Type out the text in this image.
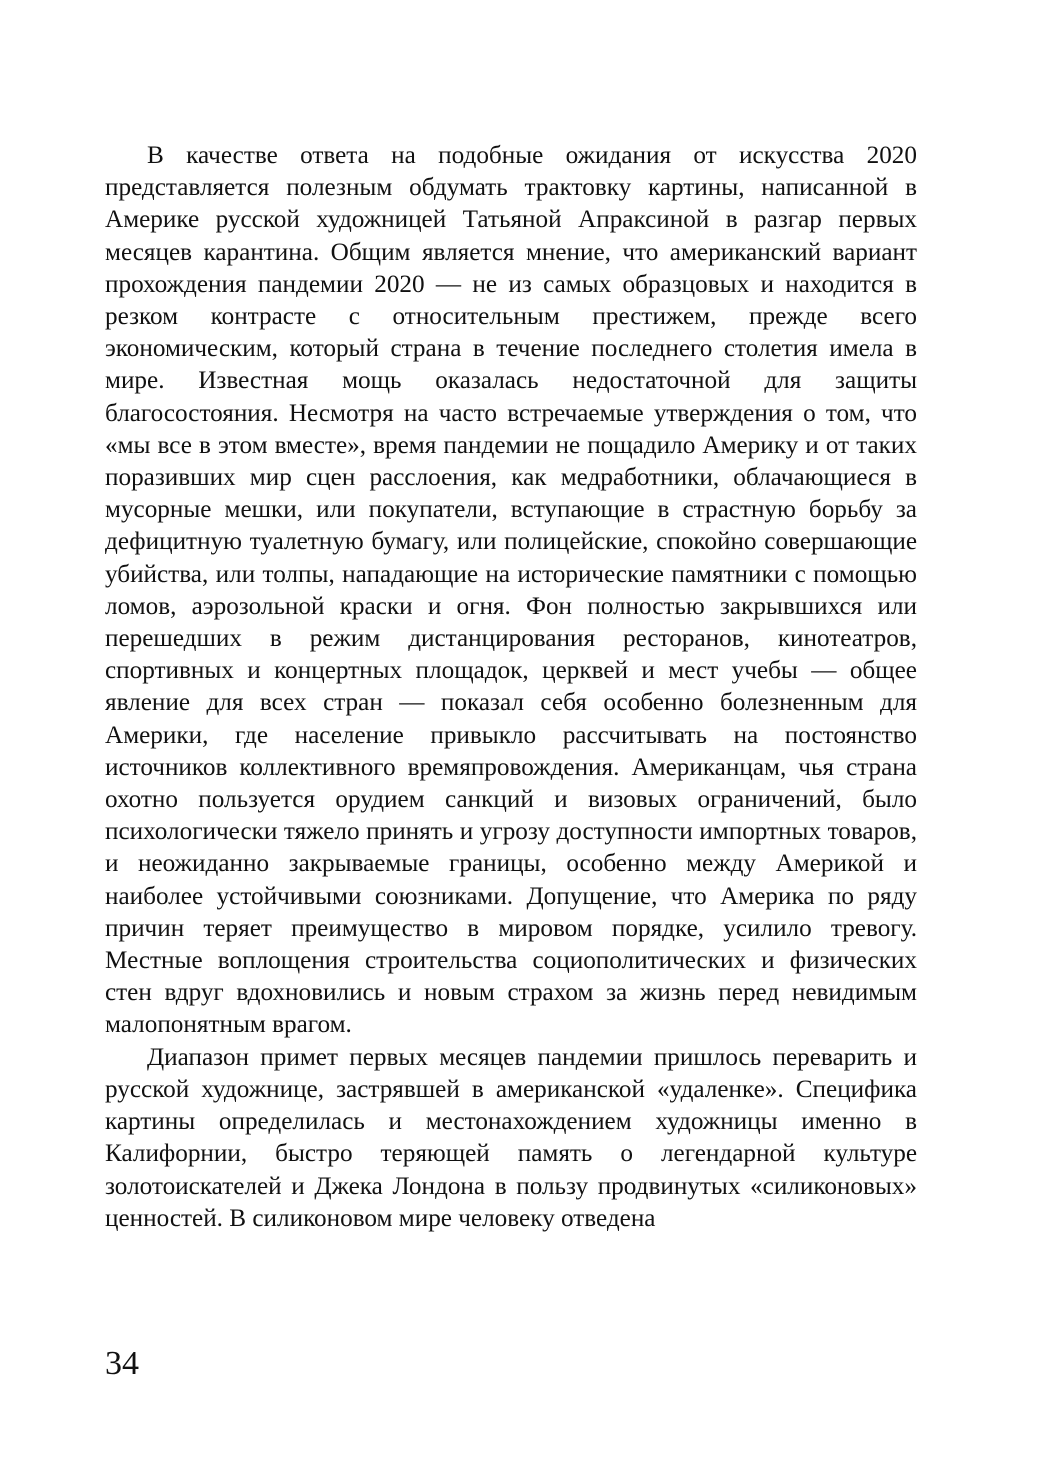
В качестве ответа на подобные ожидания от искусства 2020 представляется полезным обдумать трактовку картины, написанной в Америке русской художницей Татьяной Апраксиной в разгар первых месяцев карантина. Общим является мнение, что американский вариант прохождения пандемии 2020 — не из самых образцовых и находится в резком контрасте с относительным престижем, прежде всего экономическим, который страна в течение последнего столетия имела в мире. Известная мощь оказалась недостаточной для защиты благосостояния. Несмотря на часто встречаемые утверждения о том, что «мы все в этом вместе», время пандемии не пощадило Америку и от таких поразивших мир сцен расслоения, как медработники, облачающиеся в мусорные мешки, или покупатели, вступающие в страстную борьбу за дефицитную туалетную бумагу, или полицейские, спокойно совершающие убийства, или толпы, нападающие на исторические памятники с помощью ломов, аэрозольной краски и огня. Фон полностью закрывшихся или перешедших в режим дистанцирования ресторанов, кинотеатров, спортивных и концертных площадок, церквей и мест учебы — общее явление для всех стран — показал себя особенно болезненным для Америки, где население привыкло рассчитывать на постоянство источников коллективного времяпровождения. Американцам, чья страна охотно пользуется орудием санкций и визовых ограничений, было психологически тяжело принять и угрозу доступности импортных товаров, и неожиданно закрываемые границы, особенно между Америкой и наиболее устойчивыми союзниками. Допущение, что Америка по ряду причин теряет преимущество в мировом порядке, усилило тревогу. Местные воплощения строительства социополитических и физических стен вдруг вдохновились и новым страхом за жизнь перед невидимым малопонятным врагом.

Диапазон примет первых месяцев пандемии пришлось переварить и русской художнице, застрявшей в американской «удаленке». Специфика картины определилась и местонахождением художницы именно в Калифорнии, быстро теряющей память о легендарной культуре золотоискателей и Джека Лондона в пользу продвинутых «силиконовых» ценностей. В силиконовом мире человеку отведена

34
